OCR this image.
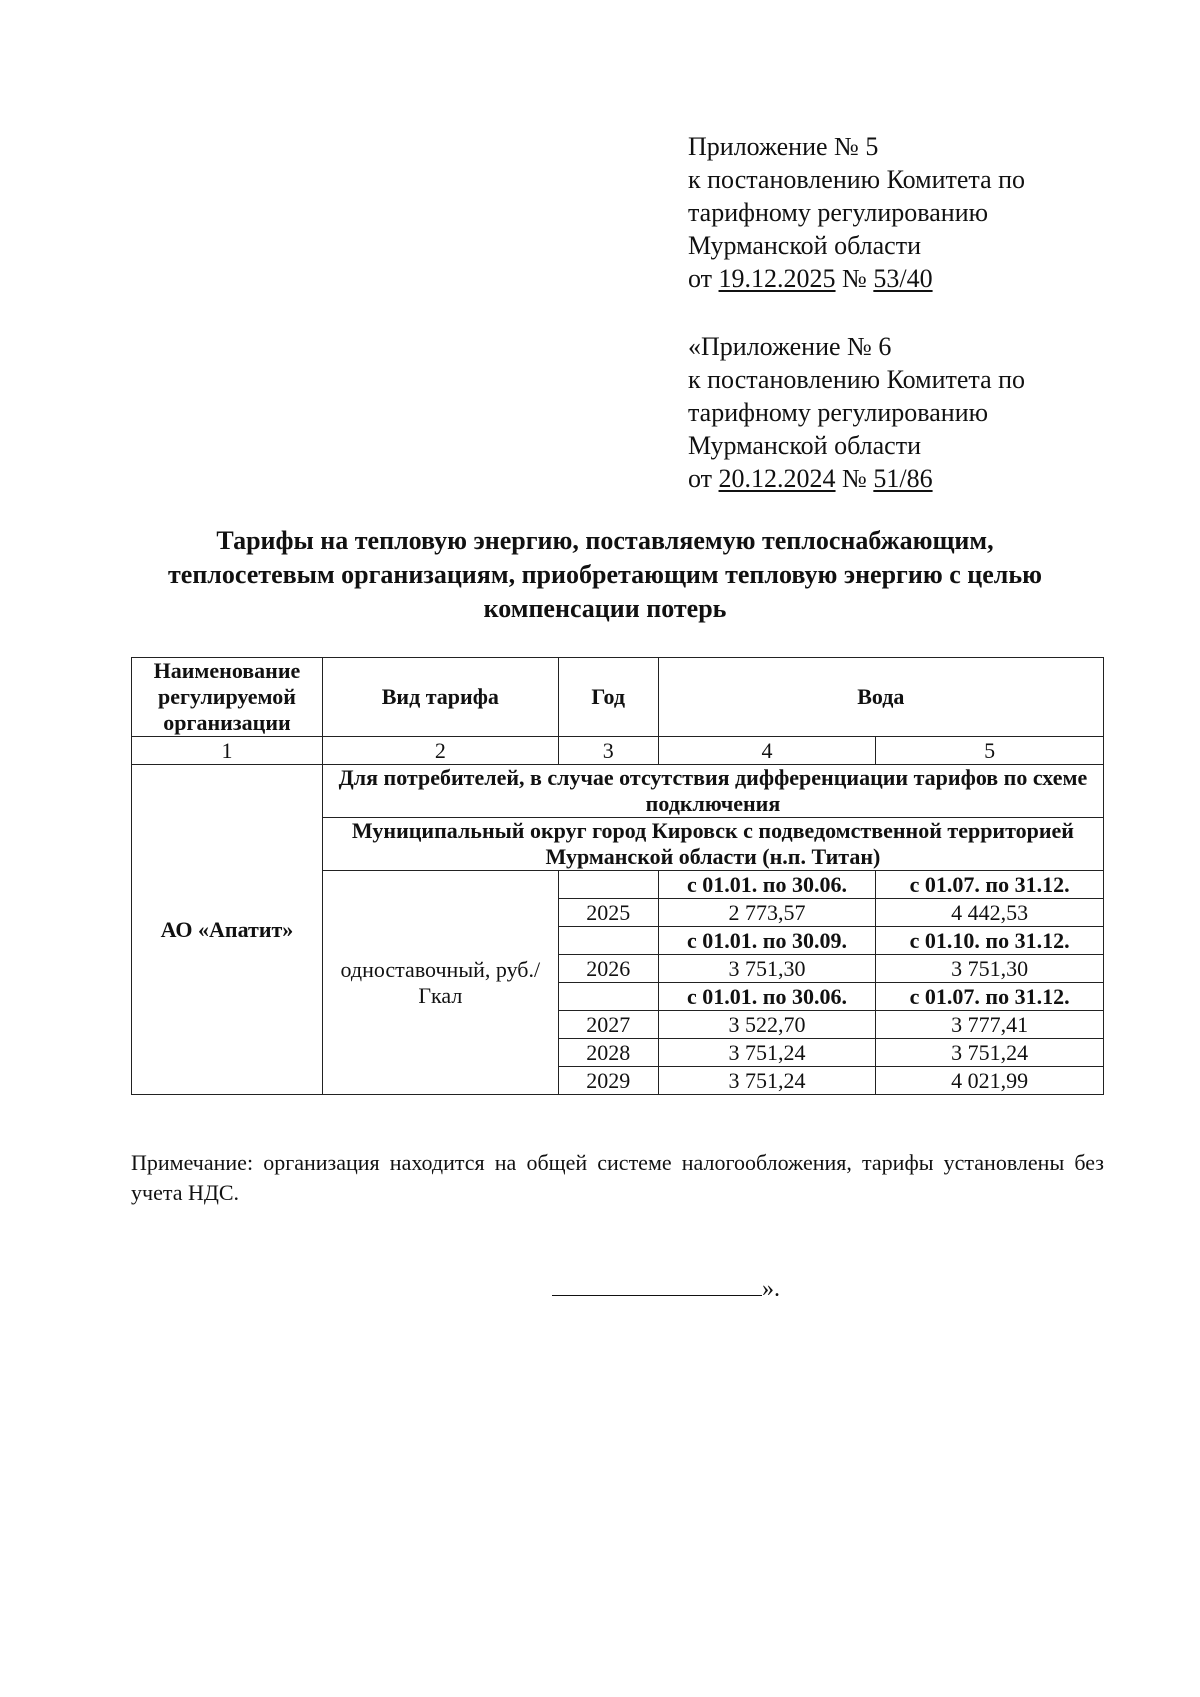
Приложение № 5
к постановлению Комитета по
тарифному регулированию
Мурманской области
от 19.12.2025 № 53/40
«Приложение № 6
к постановлению Комитета по
тарифному регулированию
Мурманской области
от 20.12.2024 № 51/86
Тарифы на тепловую энергию, поставляемую теплоснабжающим,
теплосетевым организациям, приобретающим тепловую энергию с целью
компенсации потерь
Наименование регулируемой организации	Вид тарифа	Год	Вода	
1	2	3	4	5
АО «Апатит»	Для потребителей, в случае отсутствия дифференциации тарифов по схеме подключения			
	Муниципальный округ город Кировск с подведомственной территорией Мурманской области (н.п. Титан)			
	одноставочный, руб./Гкал		с 01.01. по 30.06.	с 01.07. по 31.12.
		2025	2 773,57	4 442,53
			с 01.01. по 30.09.	с 01.10. по 31.12.
		2026	3 751,30	3 751,30
			с 01.01. по 30.06.	с 01.07. по 31.12.
		2027	3 522,70	3 777,41
		2028	3 751,24	3 751,24
		2029	3 751,24	4 021,99
Примечание: организация находится на общей системе налогообложения, тарифы установлены без учета НДС.
».
